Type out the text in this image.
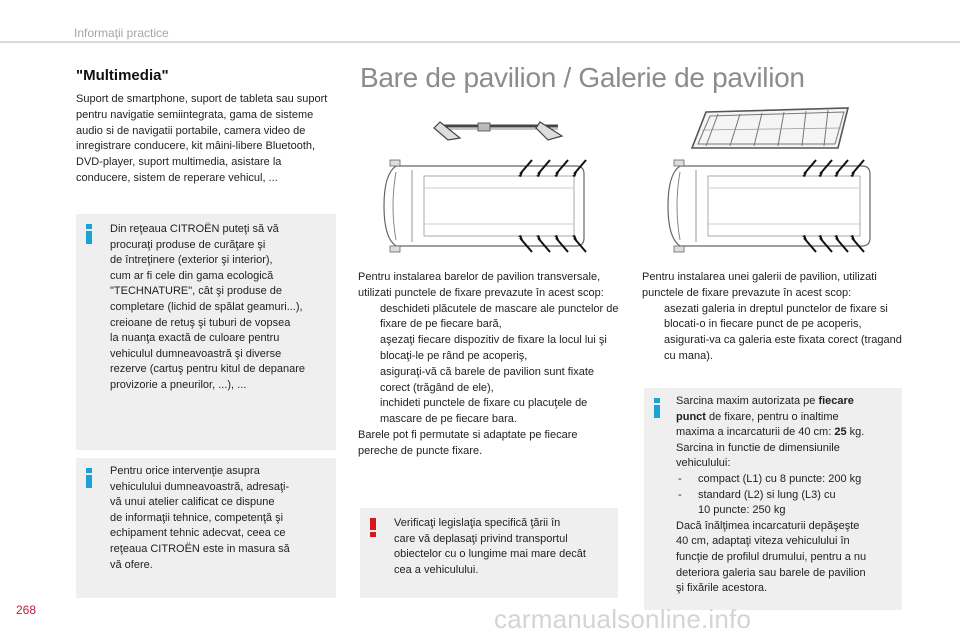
Informaţii practice
"Multimedia"
Suport de smartphone, suport de tableta sau suport pentru navigatie semiintegrata, gama de sisteme audio si de navigatii portabile, camera video de inregistrare conducere, kit mâini-libere Bluetooth, DVD-player, suport multimedia, asistare la conducere, sistem de reperare vehicul, ...
Din reţeaua CITROËN puteţi să vă
procuraţi produse de curăţare şi
de întreţinere (exterior şi interior),
cum ar fi cele din gama ecologică
"TECHNATURE", cât şi produse de
completare (lichid de spălat geamuri...),
creioane de retuş şi tuburi de vopsea
la nuanţa exactă de culoare pentru
vehiculul dumneavoastră şi diverse
rezerve (cartuş pentru kitul de depanare
provizorie a pneurilor, ...), ...
Pentru orice intervenţie asupra
vehiculului dumneavoastră, adresaţi-
vă unui atelier calificat ce dispune
de informaţii tehnice, competenţă şi
echipament tehnic adecvat, ceea ce
reţeaua CITROËN este in masura să
vă ofere.
Bare de pavilion / Galerie de pavilion
Pentru instalarea barelor de pavilion transversale, utilizati punctele de fixare prevazute în acest scop:
deschideti plăcutele de mascare ale punctelor de fixare de pe fiecare bară,
aşezaţi fiecare dispozitiv de fixare la locul lui şi blocaţi-le pe rând pe acoperiş,
asiguraţi-vă că barele de pavilion sunt fixate corect (trăgând de ele),
inchideti punctele de fixare cu placuţele de mascare de pe fiecare bara.
Barele pot fi permutate si adaptate pe fiecare pereche de puncte fixare.
Verificaţi legislaţia specifică ţării în
care vă deplasaţi privind transportul
obiectelor cu o lungime mai mare decât
cea a vehiculului.
Pentru instalarea unei galerii de pavilion, utilizati punctele de fixare prevazute în acest scop:
asezati galeria in dreptul punctelor de fixare si blocati-o in fiecare punct de pe acoperis,
asigurati-va ca galeria este fixata corect (tragand cu mana).
Sarcina maxim autorizata pe fiecare
punct de fixare, pentru o inaltime
maxima a incarcaturii de 40 cm: 25 kg.
Sarcina in functie de dimensiunile
vehiculului:
- compact (L1) cu 8 puncte: 200 kg
- standard (L2) si lung (L3) cu
10 puncte: 250 kg
Dacă înălţimea incarcaturii depăşeşte
40 cm, adaptaţi viteza vehiculului în
funcţie de profilul drumului, pentru a nu
deteriora galeria sau barele de pavilion
şi fixările acestora.
268	carmanualsonline.info
